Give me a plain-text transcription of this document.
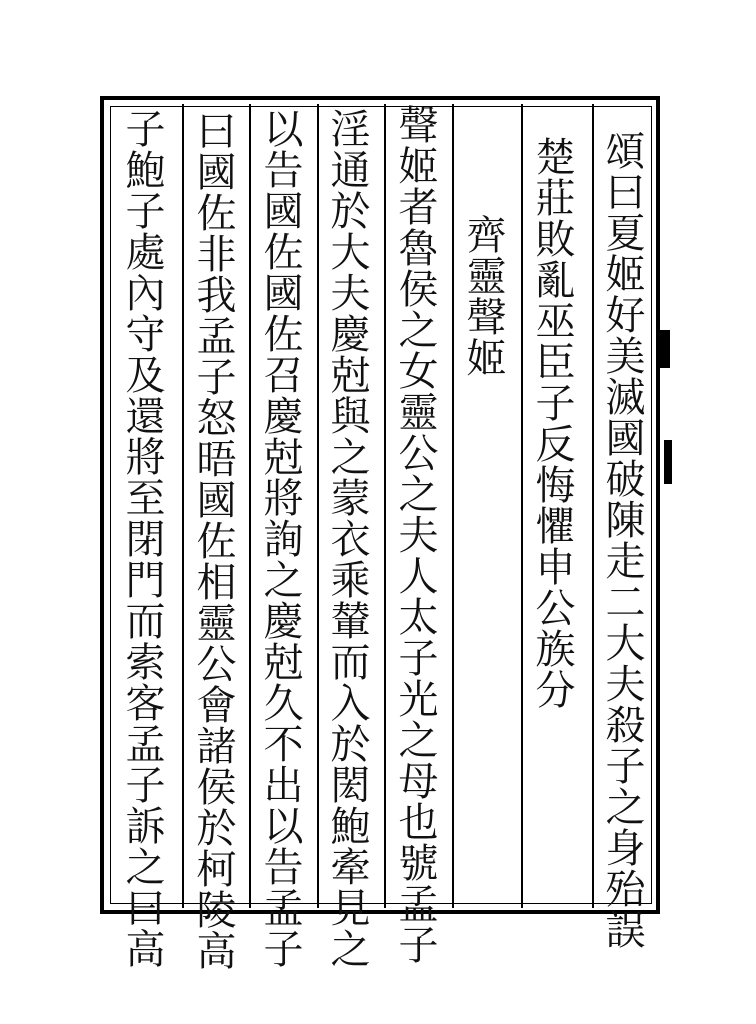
頌曰夏姬好美滅國破陳走二大夫殺子之身殆誤
楚莊敗亂巫臣子反悔懼申公族分
齊靈聲姬
聲姬者魯侯之女靈公之夫人太子光之母也號孟子
淫通於大夫慶尅與之蒙衣乘輦而入於閎鮑牽見之
以告國佐國佐召慶尅將詢之慶尅久不出以告孟子
曰國佐非我孟子怒晤國佐相靈公會諸侯於柯陵高
子鮑子處內守及還將至閉門而索客孟子訴之曰高
